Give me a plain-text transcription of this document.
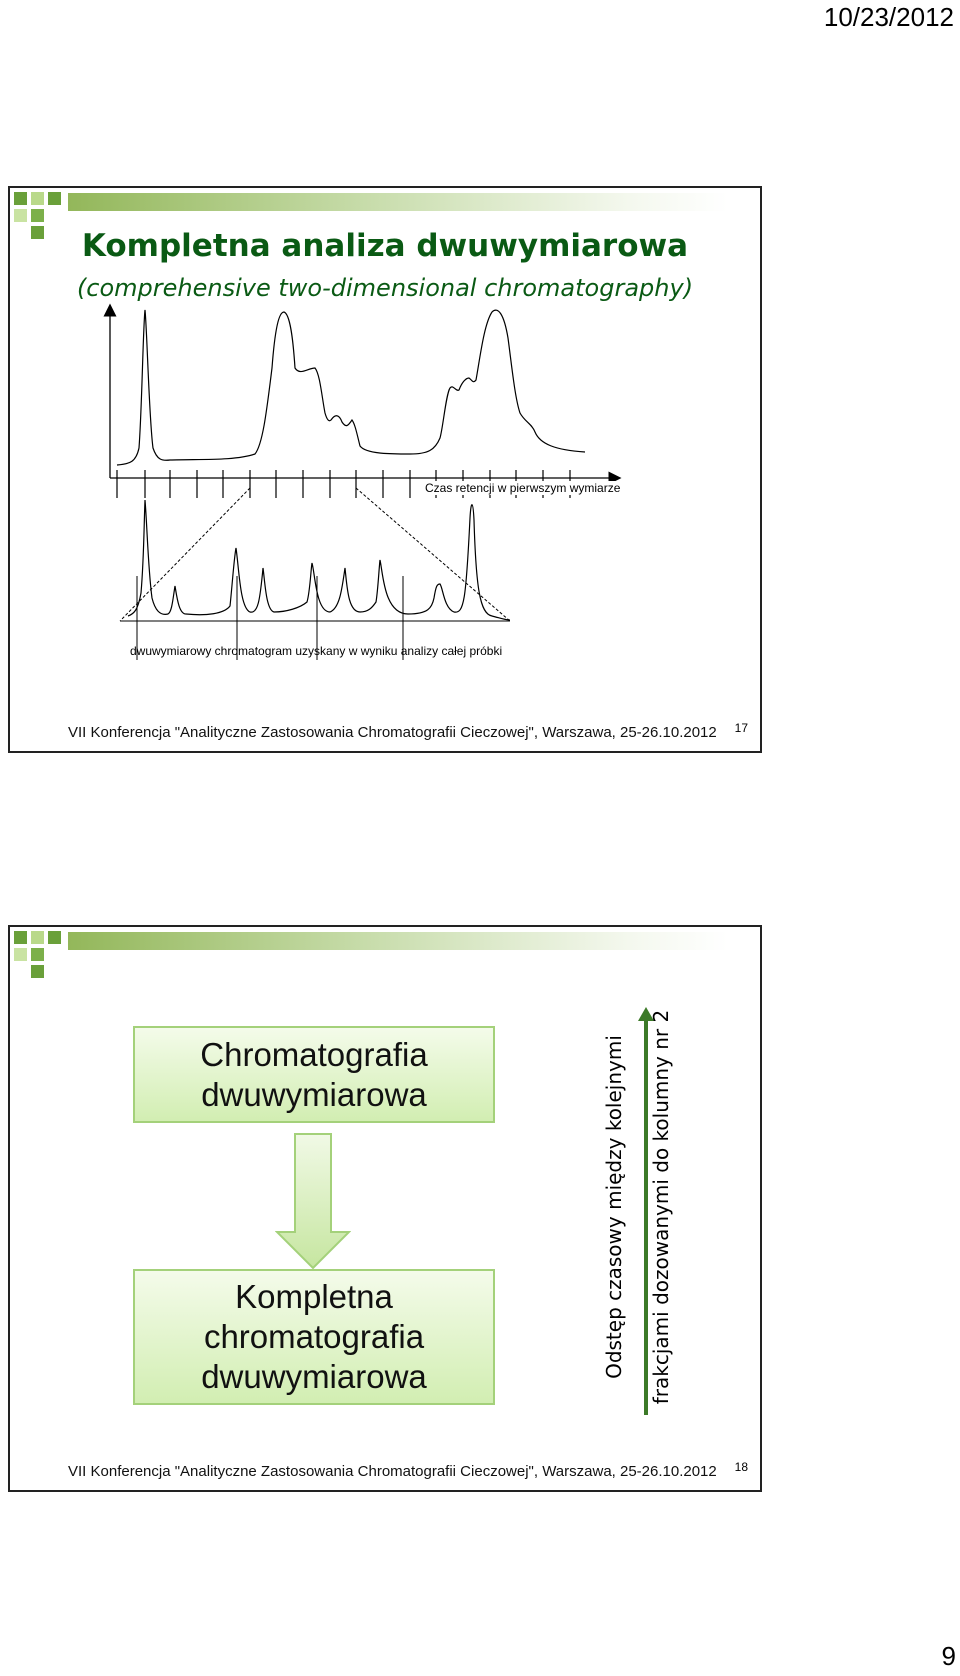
10/23/2012
Kompletna analiza dwuwymiarowa
(comprehensive two-dimensional chromatography)
Czas retencji w pierwszym wymiarze
dwuwymiarowy chromatogram uzyskany w wyniku analizy całej próbki
VII Konferencja "Analityczne Zastosowania Chromatografii Cieczowej", Warszawa, 25-26.10.2012 17
Chromatografia
dwuwymiarowa
Kompletna
chromatografia
dwuwymiarowa	Odstęp czasowy między kolejnymi frakcjami dozowanymi do kolumny nr 2
VII Konferencja "Analityczne Zastosowania Chromatografii Cieczowej", Warszawa, 25-26.10.2012 18
9
